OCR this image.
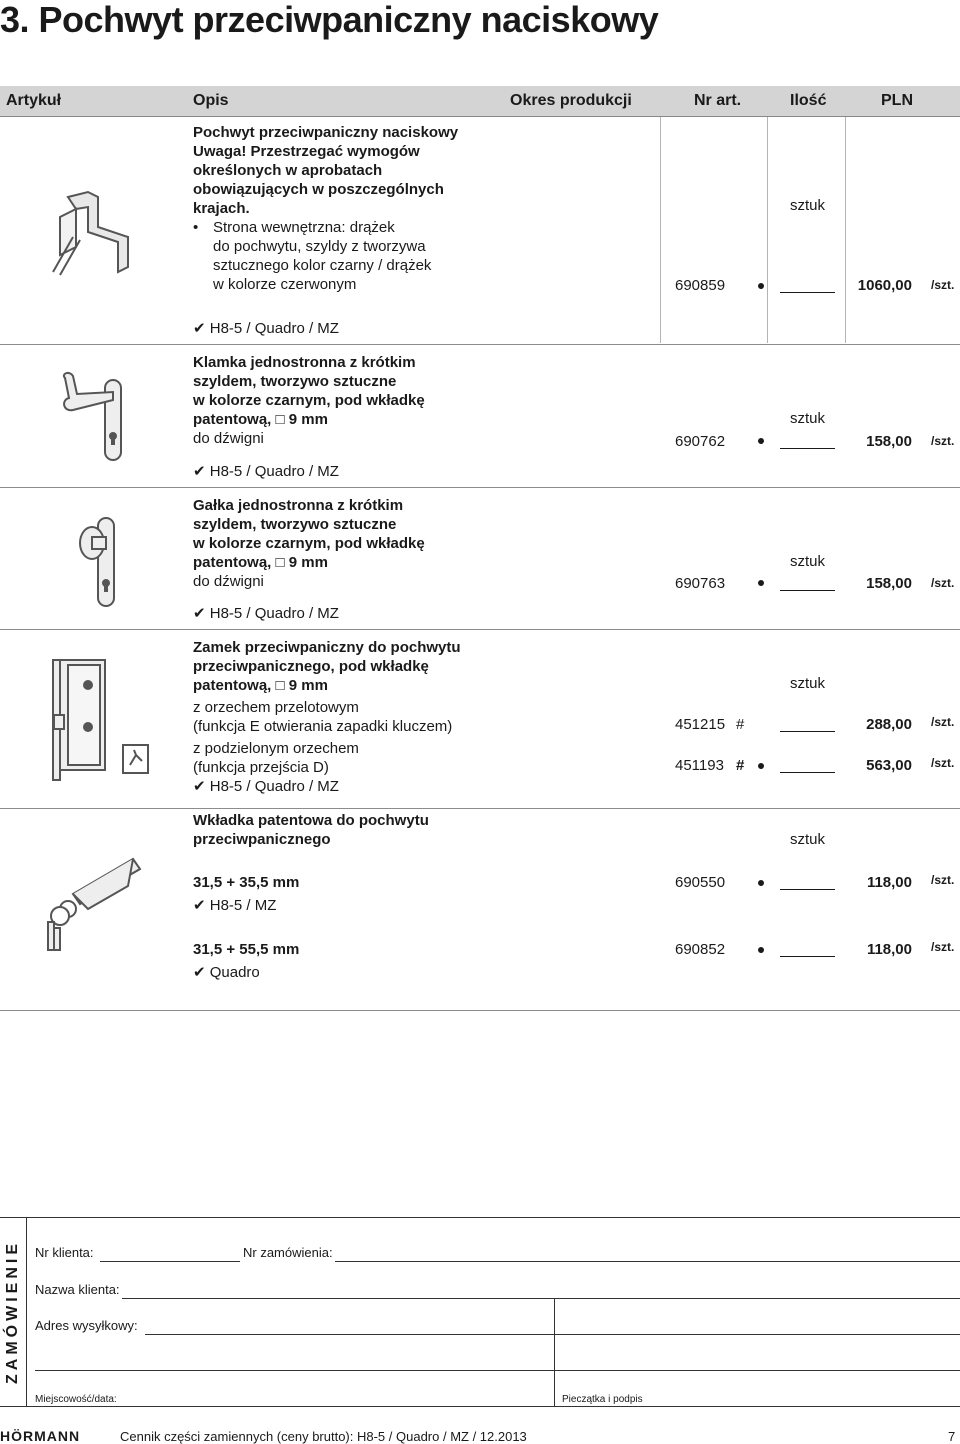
3. Pochwyt przeciwpaniczny naciskowy
Artykuł	Opis	Okres produkcji	Nr art.	Ilość	PLN
Pochwyt przeciwpaniczny naciskowy
Uwaga! Przestrzegać wymogów
określonych w aprobatach
obowiązujących w poszczególnych
krajach.
• Strona wewnętrzna: drążek
do pochwytu, szyldy z tworzywa
sztucznego kolor czarny / drążek
w kolorze czerwonym
✔ H8-5 / Quadro / MZ
sztuk
690859	1060,00 /szt.
Klamka jednostronna z krótkim
szyldem, tworzywo sztuczne
w kolorze czarnym, pod wkładkę
patentową, □ 9 mm
do dźwigni
✔ H8-5 / Quadro / MZ
sztuk
690762	158,00 /szt.
Gałka jednostronna z krótkim
szyldem, tworzywo sztuczne
w kolorze czarnym, pod wkładkę
patentową, □ 9 mm
do dźwigni
✔ H8-5 / Quadro / MZ
sztuk
690763	158,00 /szt.
Zamek przeciwpaniczny do pochwytu
przeciwpanicznego, pod wkładkę
patentową, □ 9 mm
z orzechem przelotowym
(funkcja E otwierania zapadki kluczem)
z podzielonym orzechem
(funkcja przejścia D)
✔ H8-5 / Quadro / MZ
sztuk
451215 #	288,00 /szt.
451193 #	563,00 /szt.
Wkładka patentowa do pochwytu
przeciwpanicznego	sztuk
31,5 + 35,5 mm
✔ H8-5 / MZ
690550	118,00 /szt.
31,5 + 55,5 mm
✔ Quadro
690852	118,00 /szt.
ZAMÓWIENIE Nr klienta:	Nr zamówienia:
Nazwa klienta:
Adres wysyłkowy:
Miejscowość/data:	Pieczątka i podpis
HÖRMANN	Cennik części zamiennych (ceny brutto): H8-5 / Quadro / MZ / 12.2013	7
